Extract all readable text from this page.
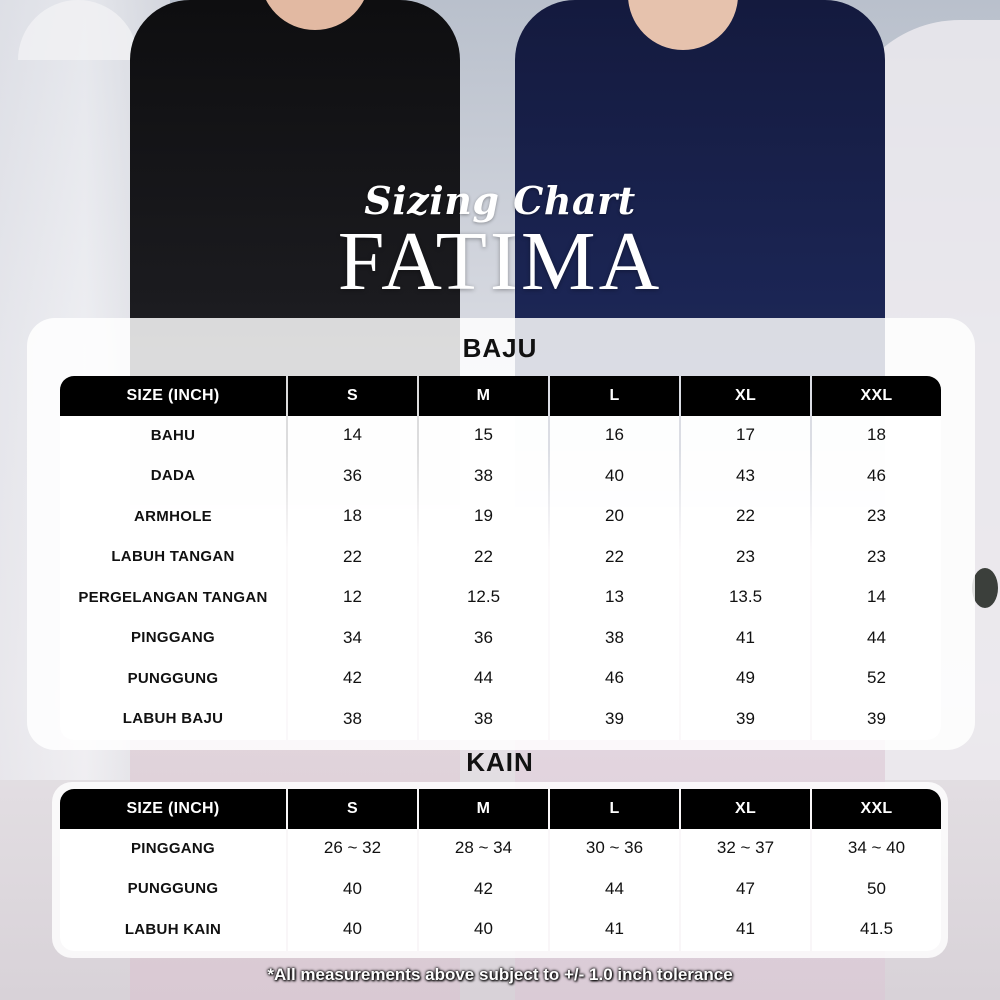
Sizing Chart
FATIMA
BAJU
SIZE (INCH)	S	M	L	XL	XXL
BAHU	14	15	16	17	18
DADA	36	38	40	43	46
ARMHOLE	18	19	20	22	23
LABUH TANGAN	22	22	22	23	23
PERGELANGAN TANGAN	12	12.5	13	13.5	14
PINGGANG	34	36	38	41	44
PUNGGUNG	42	44	46	49	52
LABUH BAJU	38	38	39	39	39
KAIN
SIZE (INCH)	S	M	L	XL	XXL
PINGGANG	26 ~ 32	28 ~ 34	30 ~ 36	32 ~ 37	34 ~ 40
PUNGGUNG	40	42	44	47	50
LABUH KAIN	40	40	41	41	41.5
*All measurements above subject to +/- 1.0 inch tolerance
